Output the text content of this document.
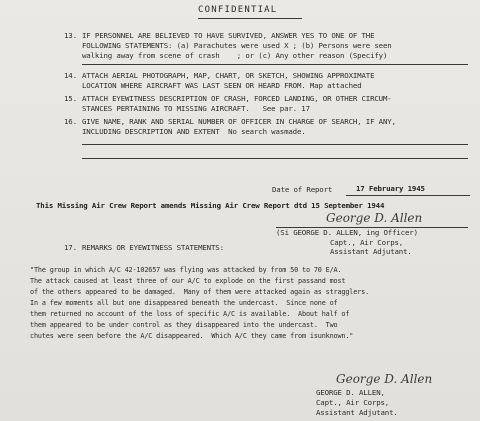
CONFIDENTIAL
13. IF PERSONNEL ARE BELIEVED TO HAVE SURVIVED, ANSWER YES TO ONE OF THE
FOLLOWING STATEMENTS: (a) Parachutes were used X ; (b) Persons were seen
walking away from scene of crash    ; or (c) Any other reason (Specify)
14. ATTACH AERIAL PHOTOGRAPH, MAP, CHART, OR SKETCH, SHOWING APPROXIMATE
LOCATION WHERE AIRCRAFT WAS LAST SEEN OR HEARD FROM. Map attached
15. ATTACH EYEWITNESS DESCRIPTION OF CRASH, FORCED LANDING, OR OTHER CIRCUM-
STANCES PERTAINING TO MISSING AIRCRAFT.   See par. 17
16. GIVE NAME, RANK AND SERIAL NUMBER OF OFFICER IN CHARGE OF SEARCH, IF ANY,
INCLUDING DESCRIPTION AND EXTENT  No search wasmade.
Date of Report	17 February 1945
This Missing Air Crew Report amends Missing Air Crew Report dtd 15 September 1944
George D. Allen
(Si GEORGE D. ALLEN, ing Officer)
Capt., Air Corps,
Assistant Adjutant.
17. REMARKS OR EYEWITNESS STATEMENTS:
"The group in which A/C 42-102657 was flying was attacked by from 50 to 70 E/A.
The attack caused at least three of our A/C to explode on the first passand most
of the others appeared to be damaged.  Many of them were attacked again as stragglers.
In a few moments all but one disappeared beneath the undercast.  Since none of
them returned no account of the loss of specific A/C is available.  About half of
them appeared to be under control as they disappeared into the undercast.  Two
chutes were seen before the A/C disappeared.  Which A/C they came from isunknown."
George D. Allen
GEORGE D. ALLEN,
Capt., Air Corps,
Assistant Adjutant.
